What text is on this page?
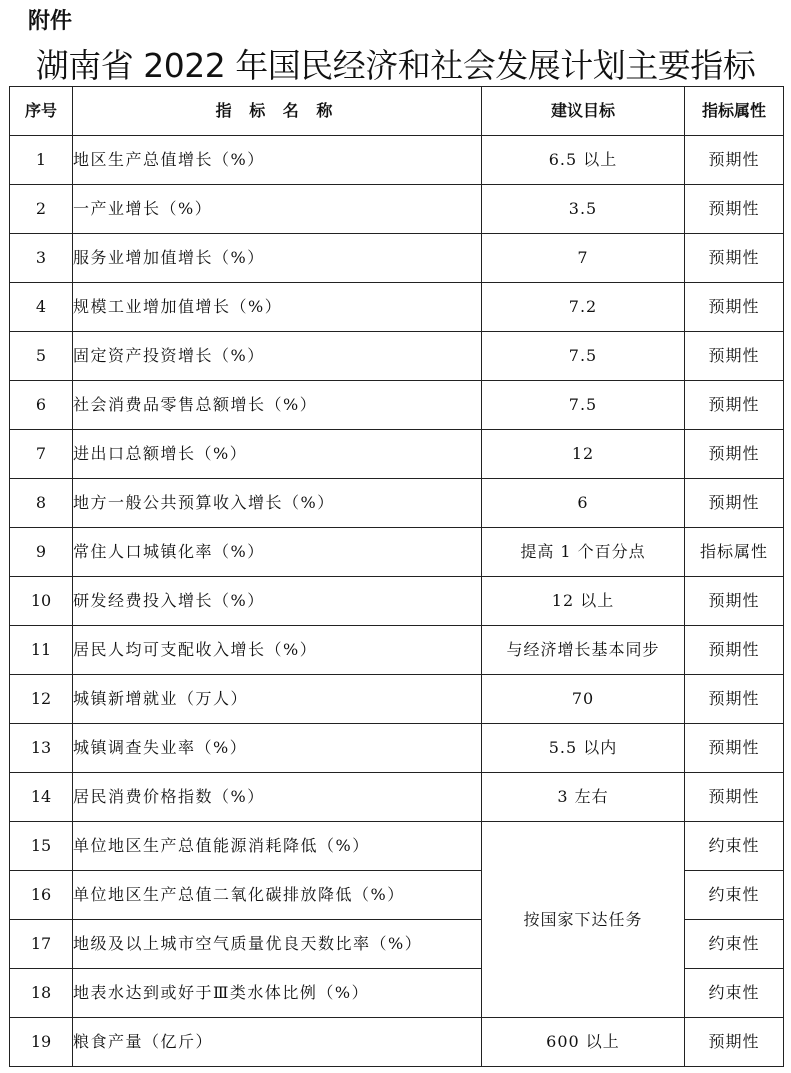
附件
湖南省 2022 年国民经济和社会发展计划主要指标
序号	指 标 名 称	建议目标	指标属性
1	地区生产总值增长（%）	6.5 以上	预期性
2	一产业增长（%）	3.5	预期性
3	服务业增加值增长（%）	7	预期性
4	规模工业增加值增长（%）	7.2	预期性
5	固定资产投资增长（%）	7.5	预期性
6	社会消费品零售总额增长（%）	7.5	预期性
7	进出口总额增长（%）	12	预期性
8	地方一般公共预算收入增长（%）	6	预期性
9	常住人口城镇化率（%）	提高 1 个百分点	指标属性
10	研发经费投入增长（%）	12 以上	预期性
11	居民人均可支配收入增长（%）	与经济增长基本同步	预期性
12	城镇新增就业（万人）	70	预期性
13	城镇调查失业率（%）	5.5 以内	预期性
14	居民消费价格指数（%）	3 左右	预期性
15	单位地区生产总值能源消耗降低（%）	按国家下达任务	约束性
16	单位地区生产总值二氧化碳排放降低（%）		约束性
17	地级及以上城市空气质量优良天数比率（%）		约束性
18	地表水达到或好于Ⅲ类水体比例（%）		约束性
19	粮食产量（亿斤）	600 以上	预期性
